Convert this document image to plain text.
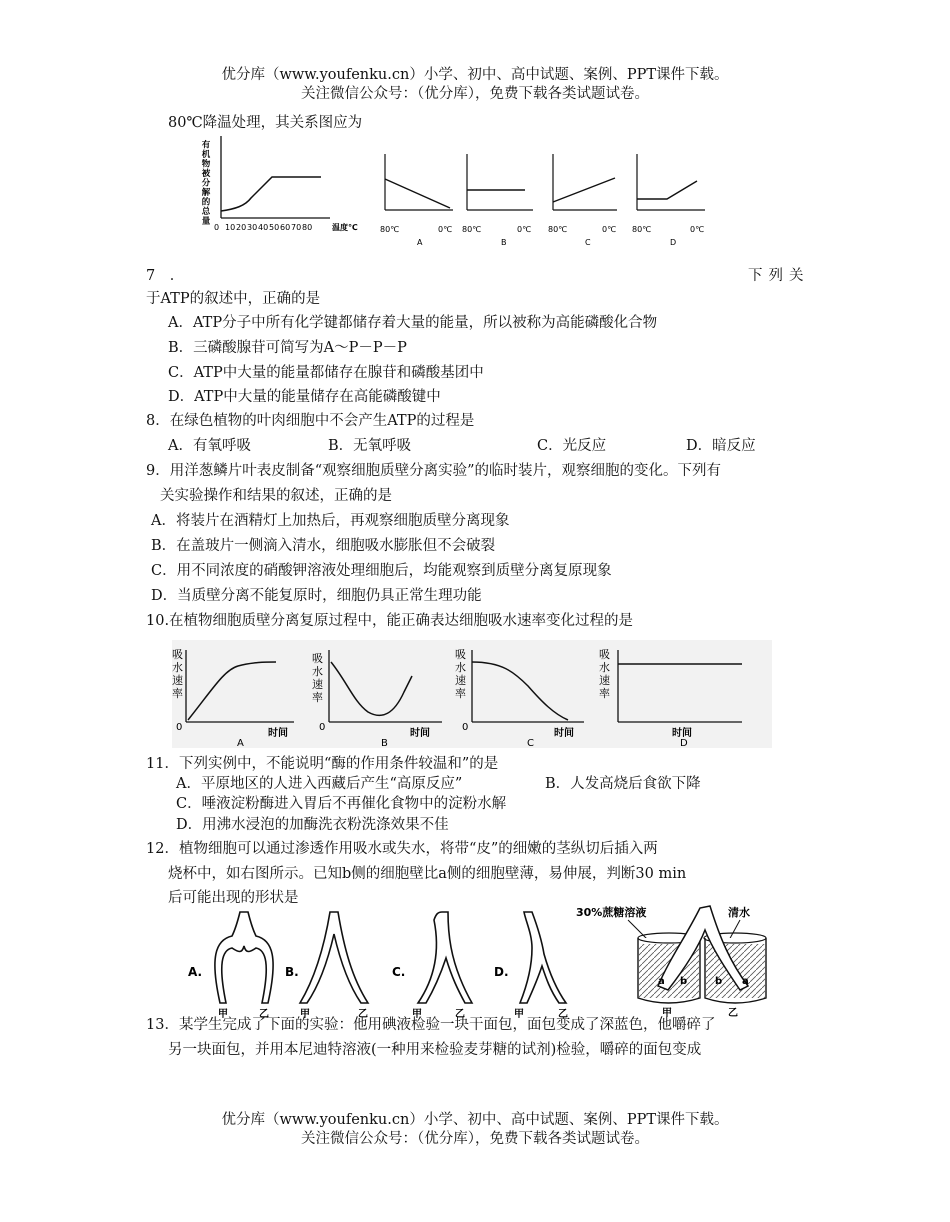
优分库（www.youfenku.cn）小学、初中、高中试题、案例、PPT课件下载。
关注微信公众号：（优分库），免费下载各类试题试卷。
80℃降温处理，其关系图应为
有机物被分解的总量
0 10 20 30 40 50 60 70 80 温度℃	80℃	0℃
A
80℃	0℃
B
80℃	0℃
C
80℃	0℃
D
7　．	下列关
于ATP的叙述中，正确的是
A．ATP分子中所有化学键都储存着大量的能量，所以被称为高能磷酸化合物
B．三磷酸腺苷可简写为A～P－P－P
C．ATP中大量的能量都储存在腺苷和磷酸基团中
D．ATP中大量的能量储存在高能磷酸键中
8．在绿色植物的叶肉细胞中不会产生ATP的过程是
A．有氧呼吸	B．无氧呼吸	C．光反应	D．暗反应
9．用洋葱鳞片叶表皮制备“观察细胞质壁分离实验”的临时装片，观察细胞的变化。下列有
关实验操作和结果的叙述，正确的是
A．将装片在酒精灯上加热后，再观察细胞质壁分离现象
B．在盖玻片一侧滴入清水，细胞吸水膨胀但不会破裂
C．用不同浓度的硝酸钾溶液处理细胞后，均能观察到质壁分离复原现象
D．当质壁分离不能复原时，细胞仍具正常生理功能
10.在植物细胞质壁分离复原过程中，能正确表达细胞吸水速率变化过程的是
吸
水
速
率
0
时间
A
吸
水
速
率
0
时间
B
吸
水
速
率
0
时间
C
吸
水
速
率
时间
D
11．下列实例中，不能说明“酶的作用条件较温和”的是
A．平原地区的人进入西藏后产生“高原反应”	B．人发高烧后食欲下降
C．唾液淀粉酶进入胃后不再催化食物中的淀粉水解
D．用沸水浸泡的加酶洗衣粉洗涤效果不佳
12．植物细胞可以通过渗透作用吸水或失水，将带“皮”的细嫩的茎纵切后插入两
烧杯中，如右图所示。已知b侧的细胞壁比a侧的细胞壁薄，易伸展，判断30 min
后可能出现的形状是
A.
甲	乙
B.
甲	乙
C.
甲	乙
D.
甲	乙
30%蔗糖溶液	清水
a b	b a
甲	乙
13．某学生完成了下面的实验：他用碘液检验一块干面包，面包变成了深蓝色，他嚼碎了
另一块面包，并用本尼迪特溶液(一种用来检验麦芽糖的试剂)检验，嚼碎的面包变成
优分库（www.youfenku.cn）小学、初中、高中试题、案例、PPT课件下载。
关注微信公众号：（优分库），免费下载各类试题试卷。
